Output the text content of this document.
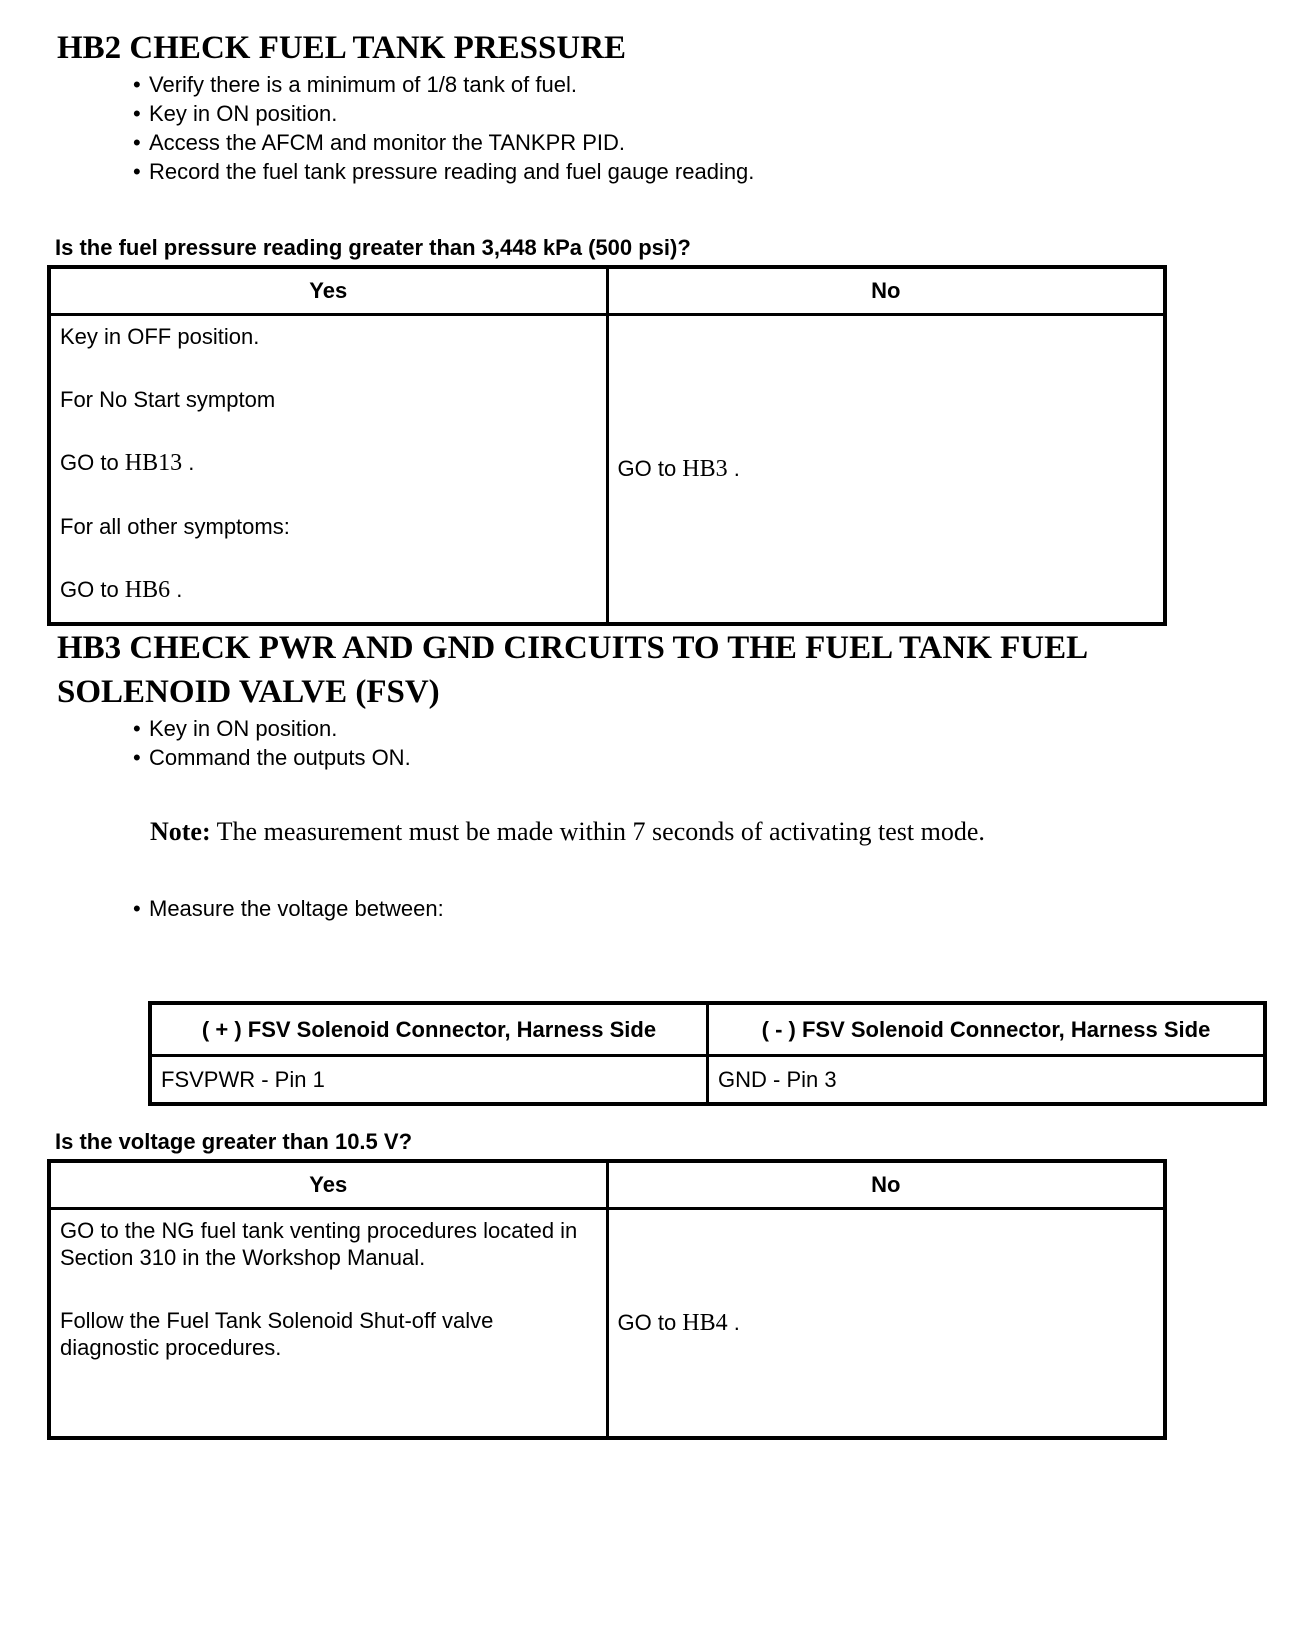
HB2 CHECK FUEL TANK PRESSURE
• Verify there is a minimum of 1/8 tank of fuel.
• Key in ON position.
• Access the AFCM and monitor the TANKPR PID.
• Record the fuel tank pressure reading and fuel gauge reading.

Is the fuel pressure reading greater than 3,448 kPa (500 psi)?

Yes	No

Key in OFF position.

For No Start symptom

GO to HB13 .

For all other symptoms:

GO to HB6 .	GO to HB3 .

HB3 CHECK PWR AND GND CIRCUITS TO THE FUEL TANK FUEL SOLENOID VALVE (FSV)
• Key in ON position.
• Command the outputs ON.

Note: The measurement must be made within 7 seconds of activating test mode.

• Measure the voltage between:
( + ) FSV Solenoid Connector, Harness Side	( - ) FSV Solenoid Connector, Harness Side
FSVPWR - Pin 1	GND - Pin 3

Is the voltage greater than 10.5 V?

Yes	No

GO to the NG fuel tank venting procedures located in Section 310 in the Workshop Manual.

Follow the Fuel Tank Solenoid Shut-off valve diagnostic procedures.	GO to HB4 .
